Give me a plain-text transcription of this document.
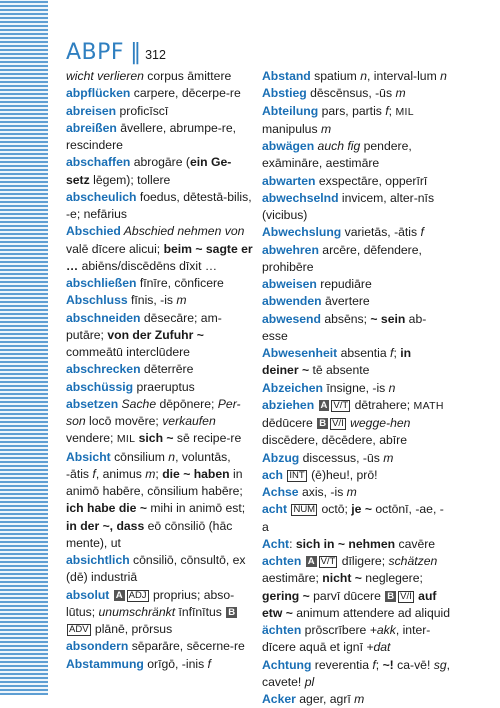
ABPF ‖ 312

wicht verlieren corpus āmittere

abpflücken carpere, dēcerpe-re

abreisen proficīscī

abreißen āvellere, abrumpe-re, rescindere

abschaffen abrogāre (ein Ge-setz lēgem); tollere

abscheulich foedus, dētestā-bilis, -e; nefārius

Abschied Abschied nehmen von valē dīcere alicui; beim ~ sagte er … abiēns/discēdēns dīxit …

abschließen fīnīre, cōnficere

Abschluss fīnis, -is m

abschneiden dēsecāre; am-putāre; von der Zufuhr ~ commeātū interclūdere

abschrecken dēterrēre

abschüssig praeruptus

absetzen Sache dēpōnere; Per-son locō movēre; verkaufen vendere; MIL sich ~ sē recipe-re

Absicht cōnsilium n, voluntās, -ātis f, animus m; die ~ haben in animō habēre, cōnsilium habēre; ich habe die ~ mihi in animō est; in der ~, dass eō cōnsiliō (hāc mente), ut

absichtlich cōnsiliō, cōnsultō, ex (dē) industriā

absolut A ADJ proprius; abso-lūtus; unumschränkt īnfīnītus BADV plānē, prōrsus

absondern sēparāre, sēcerne-re

Abstammung orīgō, -inis f

Abstand spatium n, interval-lum n

Abstieg dēscēnsus, -ūs m

Abteilung pars, partis f; MIL manipulus m

abwägen auch fig pendere, exāmināre, aestimāre

abwarten exspectāre, opperīrī

abwechselnd invicem, alter-nīs (vicibus)

Abwechslung varietās, -ātis f

abwehren arcēre, dēfendere, prohibēre

abweisen repudiāre

abwenden āvertere

abwesend absēns; ~ sein ab-esse

Abwesenheit absentia f; in deiner ~ tē absente

Abzeichen īnsigne, -is n

abziehen A V/T dētrahere; MATH dēdūcere B V/I wegge-hen discēdere, dēcēdere, abīre

Abzug discessus, -ūs m

ach INT (ē)heu!, prō!

Achse axis, -is m

acht NUM octō; je ~ octōnī, -ae, -a

Acht: sich in ~ nehmen cavēre

achten A V/T dīligere; schätzen aestimāre; nicht ~ neglegere; gering ~ parvī dūcere B V/I auf etw ~ animum attendere ad aliquid

ächten prōscrībere +akk, inter-dīcere aquā et ignī +dat

Achtung reverentia f; ~! ca-vē! sg, cavete! pl

Acker ager, agrī m
